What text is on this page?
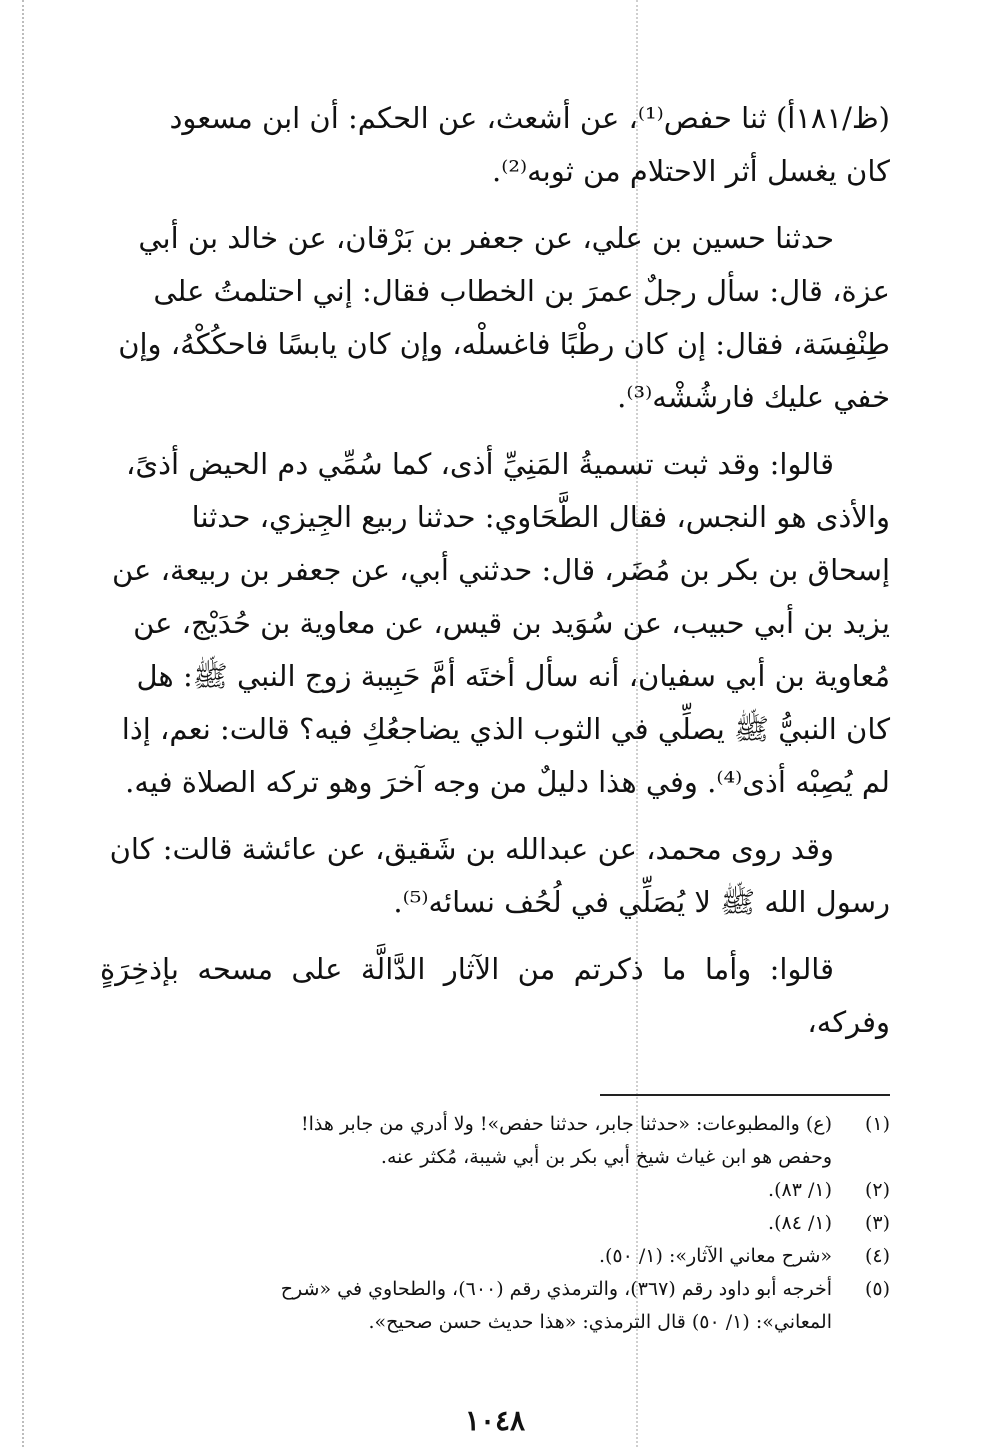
(ظ/١٨١أ) ثنا حفص⁽¹⁾، عن أشعث، عن الحكم: أن ابن مسعود
كان يغسل أثر الاحتلام من ثوبه⁽²⁾.
حدثنا حسين بن علي، عن جعفر بن بَرْقان، عن خالد بن أبي
عزة، قال: سأل رجلٌ عمرَ بن الخطاب فقال: إني احتلمتُ على
طِنْفِسَة، فقال: إن كان رطْبًا فاغسلْه، وإن كان يابسًا فاحكُكْهُ، وإن
خفي عليك فارشُشْه⁽³⁾.
قالوا: وقد ثبت تسميةُ المَنِيِّ أذى، كما سُمِّي دم الحيض أذىً،
والأذى هو النجس، فقال الطَّحَاوي: حدثنا ربيع الجِيزي، حدثنا
إسحاق بن بكر بن مُضَر، قال: حدثني أبي، عن جعفر بن ربيعة، عن
يزيد بن أبي حبيب، عن سُوَيد بن قيس، عن معاوية بن حُدَيْج، عن
مُعاوية بن أبي سفيان، أنه سأل أختَه أمَّ حَبِيبة زوج النبي ﷺ: هل
كان النبيُّ ﷺ يصلِّي في الثوب الذي يضاجعُكِ فيه؟ قالت: نعم، إذا
لم يُصِبْه أذى⁽⁴⁾. وفي هذا دليلٌ من وجه آخرَ وهو تركه الصلاة فيه.
وقد روى محمد، عن عبدالله بن شَقيق، عن عائشة قالت: كان
رسول الله ﷺ لا يُصَلِّي في لُحُف نسائه⁽⁵⁾.
قالوا: وأما ما ذكرتم من الآثار الدَّالَّة على مسحه بإذخِرَةٍ وفركه،
(١)
(ع) والمطبوعات: «حدثنا جابر، حدثنا حفص»! ولا أدري من جابر هذا!
وحفص هو ابن غياث شيخ أبي بكر بن أبي شيبة، مُكثر عنه.
(٢)
(١/ ٨٣).
(٣)
(١/ ٨٤).
(٤)
«شرح معاني الآثار»: (١/ ٥٠).
(٥)
أخرجه أبو داود رقم (٣٦٧)، والترمذي رقم (٦٠٠)، والطحاوي في «شرح
المعاني»: (١/ ٥٠) قال الترمذي: «هذا حديث حسن صحيح».
١٠٤٨
